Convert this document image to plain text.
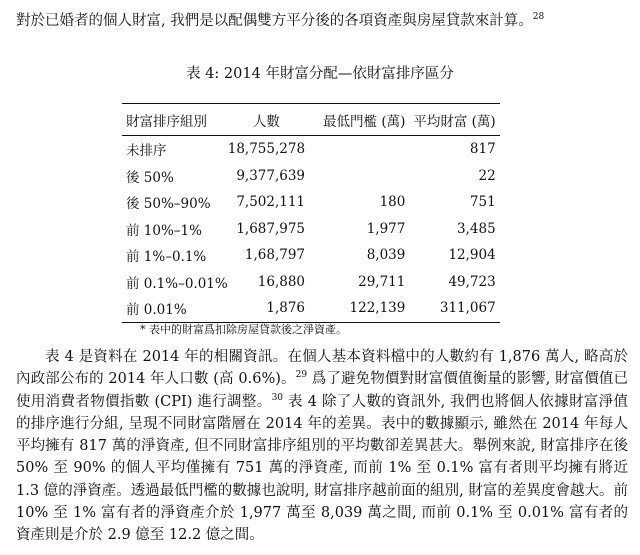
對於已婚者的個人財富, 我們是以配偶雙方平分後的各項資產與房屋貸款來計算。$^{28}$
表 4: 2014 年財富分配—依財富排序區分
財富排序組別	人數	最低門檻 (萬)	平均財富 (萬)
未排序	18,755,278		817
後 50%	9,377,639		22
後 50%–90%	7,502,111	180	751
前 10%–1%	1,687,975	1,977	3,485
前 1%–0.1%	1,68,797	8,039	12,904
前 0.1%–0.01%	16,880	29,711	49,723
前 0.01%	1,876	122,139	311,067
* 表中的財富爲扣除房屋貸款後之淨資產。

表 4 是資料在 2014 年的相關資訊。在個人基本資料檔中的人數約有 1,876 萬人, 略高於內政部公布的 2014 年人口數 (高 0.6%)。$^{29}$ 爲了避免物價對財富價值衡量的影響, 財富價值已使用消費者物價指數 (CPI) 進行調整。$^{30}$ 表 4 除了人數的資訊外, 我們也將個人依據財富淨值的排序進行分組, 呈現不同財富階層在 2014 年的差異。表中的數據顯示, 雖然在 2014 年每人平均擁有 817 萬的淨資產, 但不同財富排序組別的平均數卻差異甚大。舉例來說, 財富排序在後 50% 至 90% 的個人平均僅擁有 751 萬的淨資產, 而前 1% 至 0.1% 富有者則平均擁有將近 1.3 億的淨資產。透過最低門檻的數據也說明, 財富排序越前面的組別, 財富的差異度會越大。前 10% 至 1% 富有者的淨資產介於 1,977 萬至 8,039 萬之間, 而前 0.1% 至 0.01% 富有者的資產則是介於 2.9 億至 12.2 億之間。
